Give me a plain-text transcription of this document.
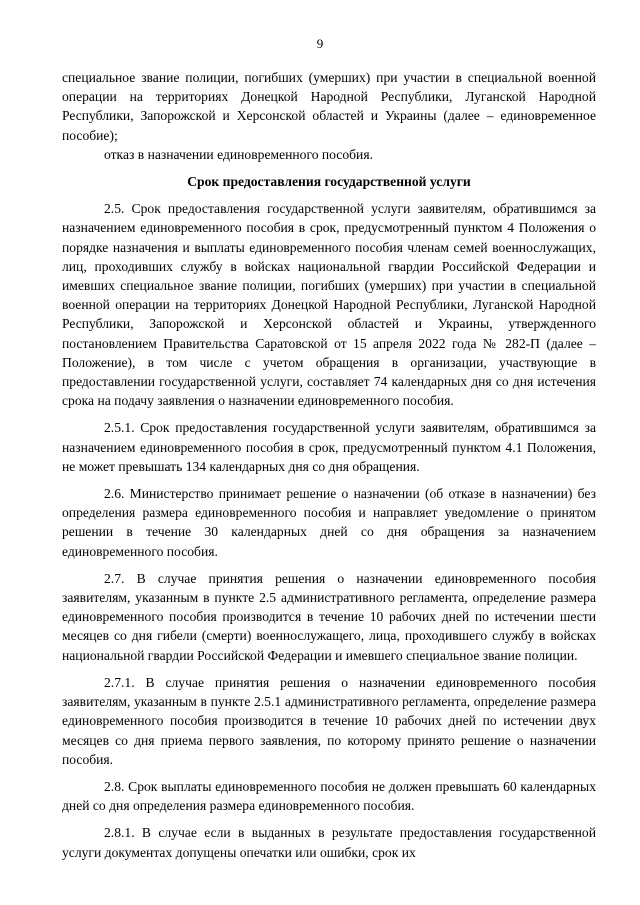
9

специальное звание полиции, погибших (умерших) при участии в специальной военной операции на территориях Донецкой Народной Республики, Луганской Народной Республики, Запорожской и Херсонской областей и Украины (далее – единовременное пособие);

отказ в назначении единовременного пособия.

Срок предоставления государственной услуги

2.5. Срок предоставления государственной услуги заявителям, обратившимся за назначением единовременного пособия в срок, предусмотренный пунктом 4 Положения о порядке назначения и выплаты единовременного пособия членам семей военнослужащих, лиц, проходивших службу в войсках национальной гвардии Российской Федерации и имевших специальное звание полиции, погибших (умерших) при участии в специальной военной операции на территориях Донецкой Народной Республики, Луганской Народной Республики, Запорожской и Херсонской областей и Украины, утвержденного постановлением Правительства Саратовской от 15 апреля 2022 года № 282-П (далее – Положение), в том числе с учетом обращения в организации, участвующие в предоставлении государственной услуги, составляет 74 календарных дня со дня истечения срока на подачу заявления о назначении единовременного пособия.

2.5.1. Срок предоставления государственной услуги заявителям, обратившимся за назначением единовременного пособия в срок, предусмотренный пунктом 4.1 Положения, не может превышать 134 календарных дня со дня обращения.

2.6. Министерство принимает решение о назначении (об отказе в назначении) без определения размера единовременного пособия и направляет уведомление о принятом решении в течение 30 календарных дней со дня обращения за назначением единовременного пособия.

2.7. В случае принятия решения о назначении единовременного пособия заявителям, указанным в пункте 2.5 административного регламента, определение размера единовременного пособия производится в течение 10 рабочих дней по истечении шести месяцев со дня гибели (смерти) военнослужащего, лица, проходившего службу в войсках национальной гвардии Российской Федерации и имевшего специальное звание полиции.

2.7.1. В случае принятия решения о назначении единовременного пособия заявителям, указанным в пункте 2.5.1 административного регламента, определение размера единовременного пособия производится в течение 10 рабочих дней по истечении двух месяцев со дня приема первого заявления, по которому принято решение о назначении пособия.

2.8. Срок выплаты единовременного пособия не должен превышать 60 календарных дней со дня определения размера единовременного пособия.

2.8.1. В случае если в выданных в результате предоставления государственной услуги документах допущены опечатки или ошибки, срок их
